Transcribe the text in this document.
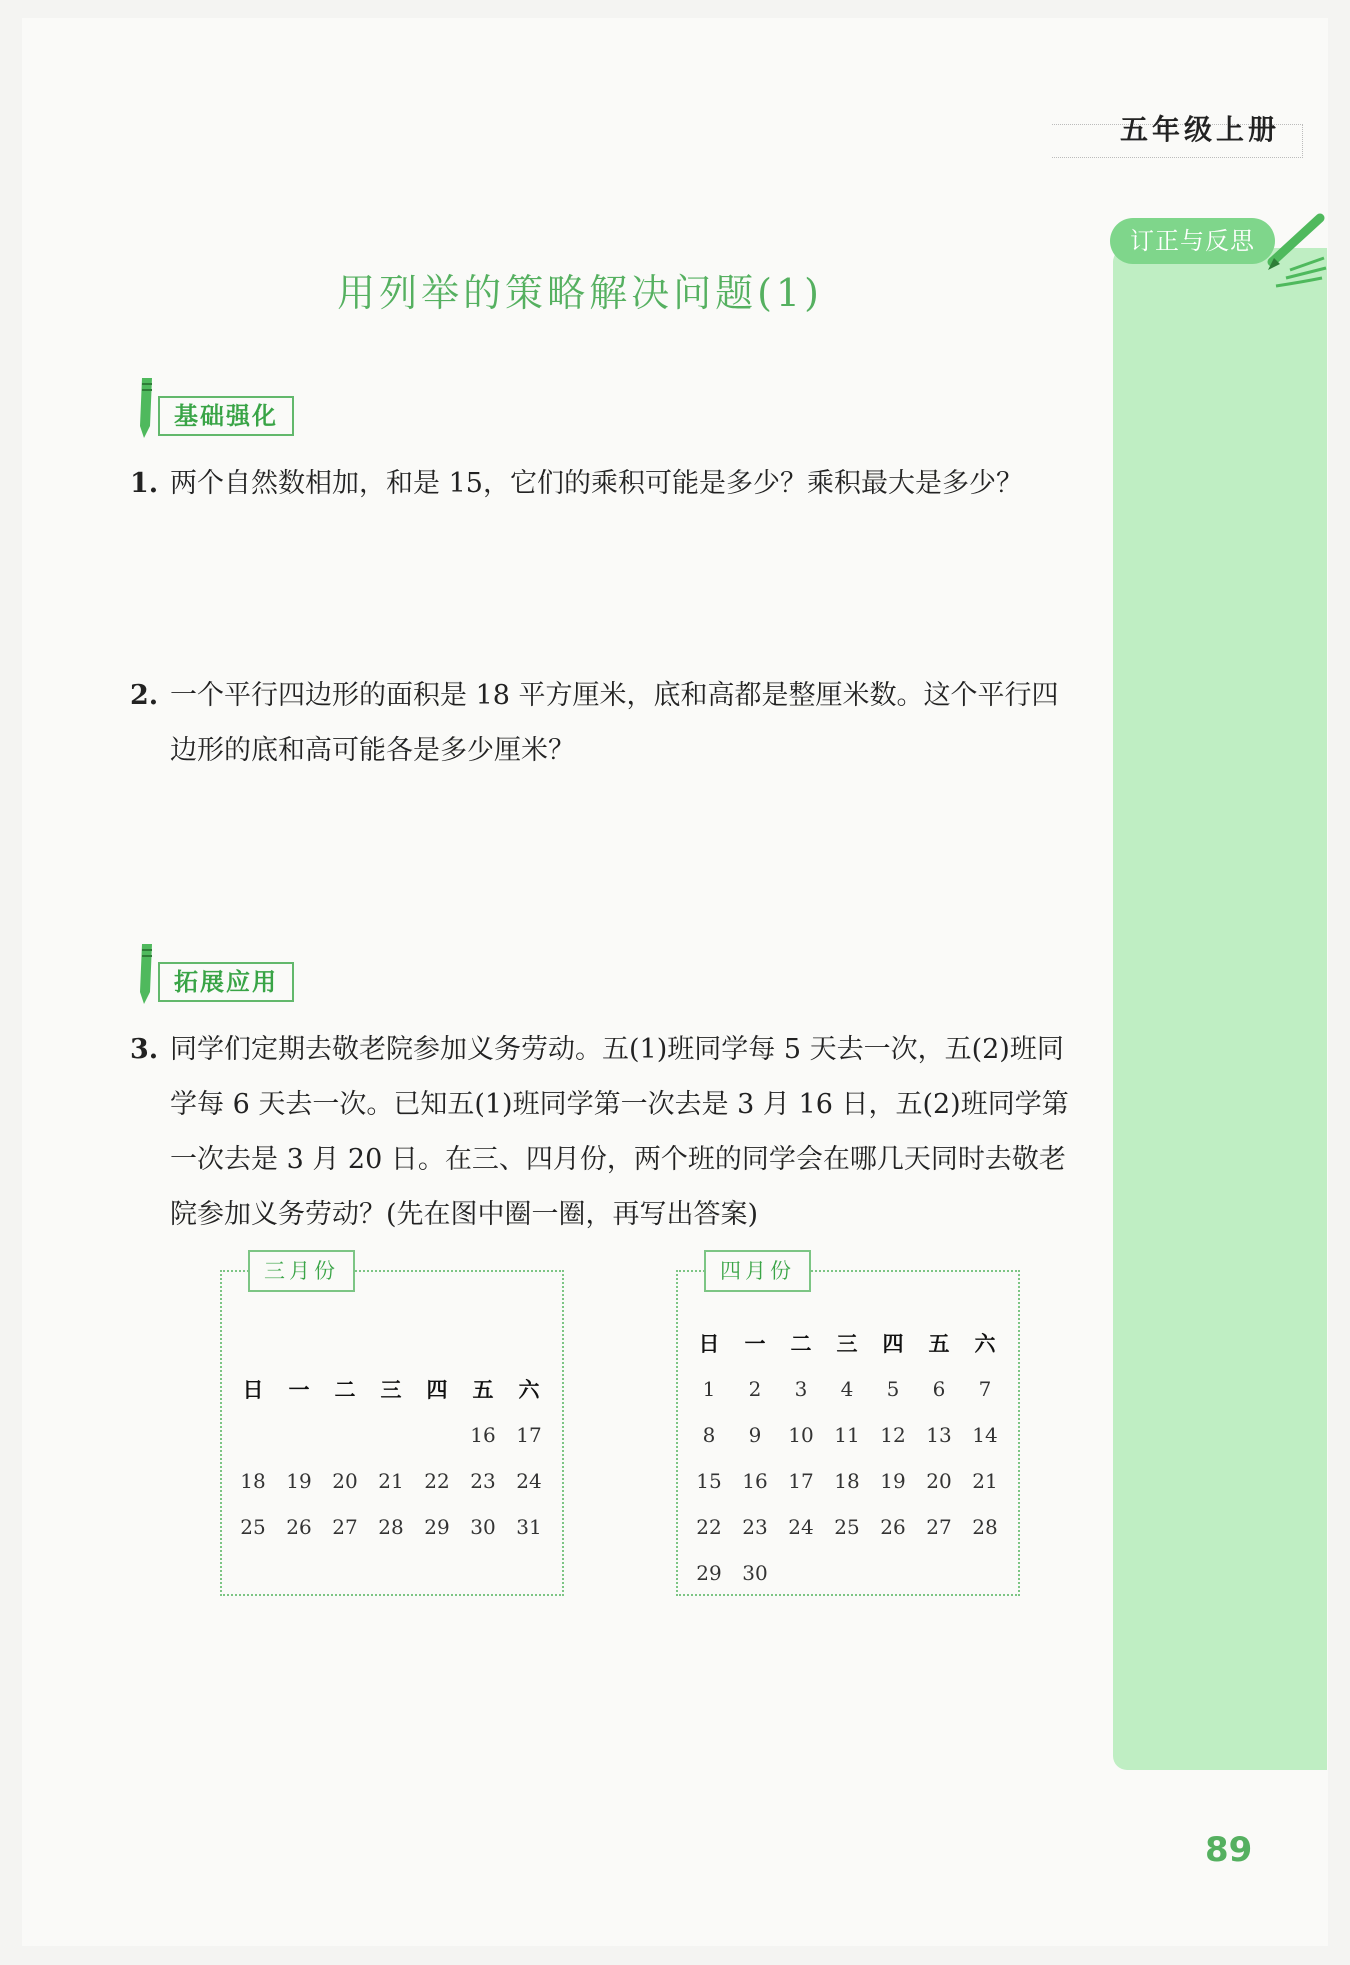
五年级上册
订正与反思
用列举的策略解决问题(1)
基础强化
1. 两个自然数相加，和是 15，它们的乘积可能是多少？乘积最大是多少？
2. 一个平行四边形的面积是 18 平方厘米，底和高都是整厘米数。这个平行四边形的底和高可能各是多少厘米？
拓展应用
3. 同学们定期去敬老院参加义务劳动。五(1)班同学每 5 天去一次，五(2)班同学每 6 天去一次。已知五(1)班同学第一次去是 3 月 16 日，五(2)班同学第一次去是 3 月 20 日。在三、四月份，两个班的同学会在哪几天同时去敬老院参加义务劳动？(先在图中圈一圈，再写出答案)
三月份
日	一	二	三	四	五	六
					16	17
18	19	20	21	22	23	24
25	26	27	28	29	30	31
四月份
日	一	二	三	四	五	六
1	2	3	4	5	6	7
8	9	10	11	12	13	14
15	16	17	18	19	20	21
22	23	24	25	26	27	28
29	30					
89
